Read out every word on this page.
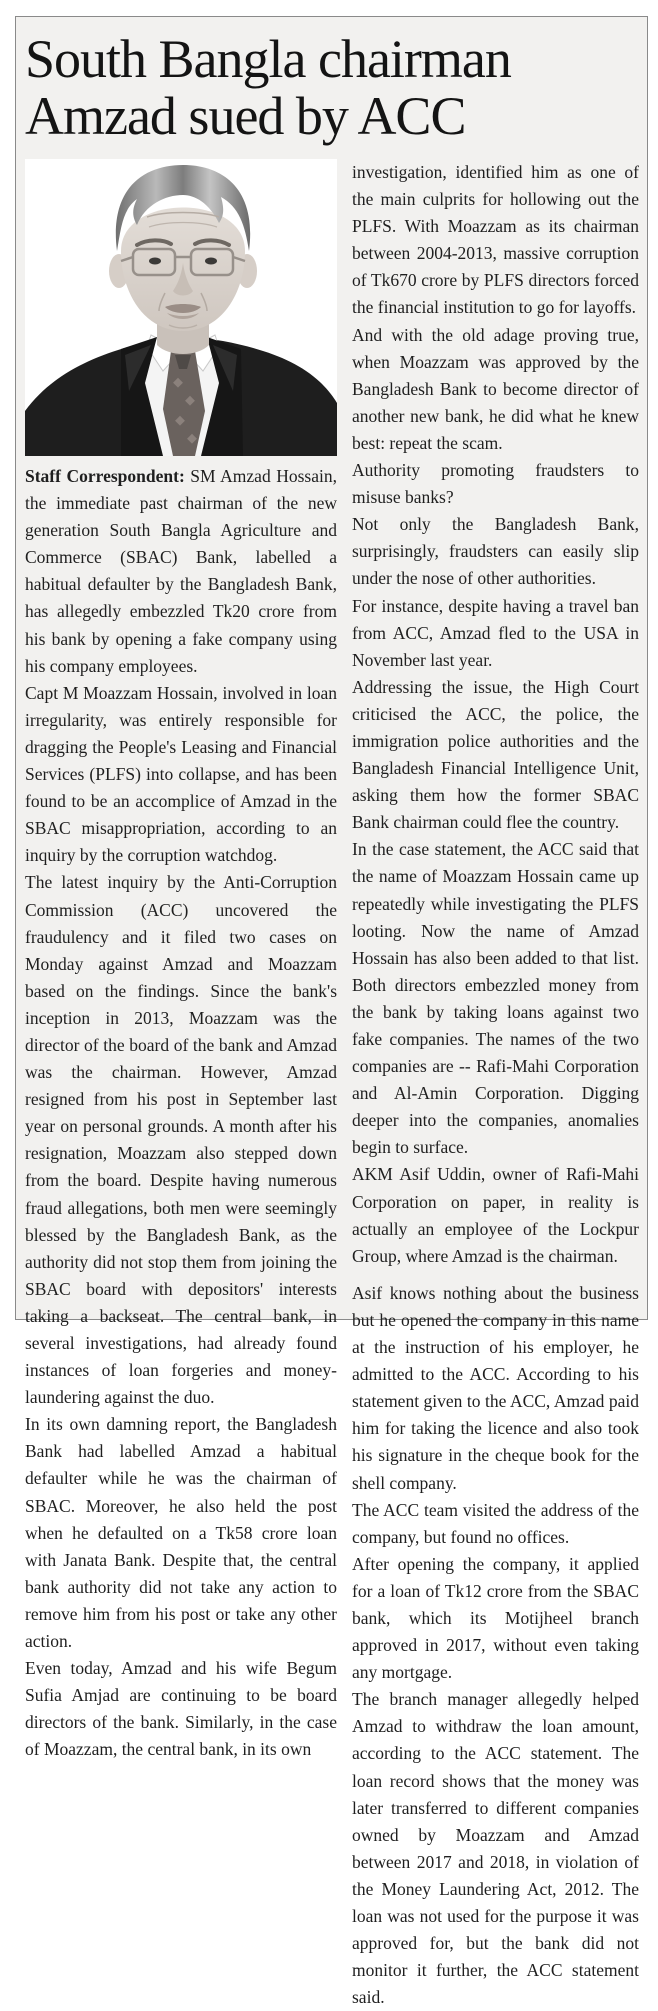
South Bangla chairman Amzad sued by ACC

Staff Correspondent: SM Amzad Hossain, the immediate past chairman of the new generation South Bangla Agriculture and Commerce (SBAC) Bank, labelled a habitual defaulter by the Bangladesh Bank, has allegedly embezzled Tk20 crore from his bank by opening a fake company using his company employees.

Capt M Moazzam Hossain, involved in loan irregularity, was entirely responsible for dragging the People's Leasing and Financial Services (PLFS) into collapse, and has been found to be an accomplice of Amzad in the SBAC misappropriation, according to an inquiry by the corruption watchdog.

The latest inquiry by the Anti-Corruption Commission (ACC) uncovered the fraudulency and it filed two cases on Monday against Amzad and Moazzam based on the findings. Since the bank's inception in 2013, Moazzam was the director of the board of the bank and Amzad was the chairman. However, Amzad resigned from his post in September last year on personal grounds. A month after his resignation, Moazzam also stepped down from the board. Despite having numerous fraud allegations, both men were seemingly blessed by the Bangladesh Bank, as the authority did not stop them from joining the SBAC board with depositors' interests taking a backseat. The central bank, in several investigations, had already found instances of loan forgeries and money-laundering against the duo.

In its own damning report, the Bangladesh Bank had labelled Amzad a habitual defaulter while he was the chairman of SBAC. Moreover, he also held the post when he defaulted on a Tk58 crore loan with Janata Bank. Despite that, the central bank authority did not take any action to remove him from his post or take any other action.

Even today, Amzad and his wife Begum Sufia Amjad are continuing to be board directors of the bank. Similarly, in the case of Moazzam, the central bank, in its own

investigation, identified him as one of the main culprits for hollowing out the PLFS. With Moazzam as its chairman between 2004-2013, massive corruption of Tk670 crore by PLFS directors forced the financial institution to go for layoffs.

And with the old adage proving true, when Moazzam was approved by the Bangladesh Bank to become director of another new bank, he did what he knew best: repeat the scam.

Authority promoting fraudsters to misuse banks?

Not only the Bangladesh Bank, surprisingly, fraudsters can easily slip under the nose of other authorities.

For instance, despite having a travel ban from ACC, Amzad fled to the USA in November last year.

Addressing the issue, the High Court criticised the ACC, the police, the immigration police authorities and the Bangladesh Financial Intelligence Unit, asking them how the former SBAC Bank chairman could flee the country.

In the case statement, the ACC said that the name of Moazzam Hossain came up repeatedly while investigating the PLFS looting. Now the name of Amzad Hossain has also been added to that list. Both directors embezzled money from the bank by taking loans against two fake companies. The names of the two companies are -- Rafi-Mahi Corporation and Al-Amin Corporation. Digging deeper into the companies, anomalies begin to surface.

AKM Asif Uddin, owner of Rafi-Mahi Corporation on paper, in reality is actually an employee of the Lockpur Group, where Amzad is the chairman.

Asif knows nothing about the business but he opened the company in this name at the instruction of his employer, he admitted to the ACC. According to his statement given to the ACC, Amzad paid him for taking the licence and also took his signature in the cheque book for the shell company.

The ACC team visited the address of the company, but found no offices.

After opening the company, it applied for a loan of Tk12 crore from the SBAC bank, which its Motijheel branch approved in 2017, without even taking any mortgage.

The branch manager allegedly helped Amzad to withdraw the loan amount, according to the ACC statement. The loan record shows that the money was later transferred to different companies owned by Moazzam and Amzad between 2017 and 2018, in violation of the Money Laundering Act, 2012. The loan was not used for the purpose it was approved for, but the bank did not monitor it further, the ACC statement said.
